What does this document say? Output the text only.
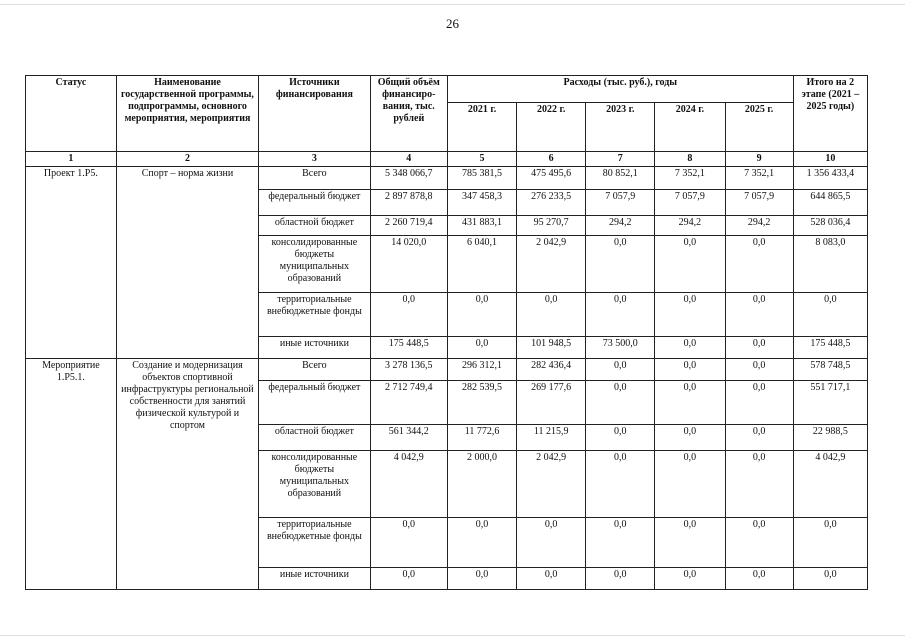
26
Статус	Наименование государственной программы, подпрограммы, основного мероприятия, мероприятия	Источники финансирования	Общий объём финансиро-вания, тыс. рублей	Расходы (тыс. руб.), годы					Итого на 2 этапе (2021 – 2025 годы)
				2021 г.	2022 г.	2023 г.	2024 г.	2025 г.	
1	2	3	4	5	6	7	8	9	10
Проект 1.Р5.	Спорт – норма жизни	Всего	5 348 066,7	785 381,5	475 495,6	80 852,1	7 352,1	7 352,1	1 356 433,4
		федеральный бюджет	2 897 878,8	347 458,3	276 233,5	7 057,9	7 057,9	7 057,9	644 865,5
		областной бюджет	2 260 719,4	431 883,1	95 270,7	294,2	294,2	294,2	528 036,4
		консолидированные бюджеты муниципальных образований	14 020,0	6 040,1	2 042,9	0,0	0,0	0,0	8 083,0
		территориальные внебюджетные фонды	0,0	0,0	0,0	0,0	0,0	0,0	0,0
		иные источники	175 448,5	0,0	101 948,5	73 500,0	0,0	0,0	175 448,5
Мероприятие 1.Р5.1.	Создание и модернизация объектов спортивной инфраструктуры региональной собственности для занятий физической культурой и спортом	Всего	3 278 136,5	296 312,1	282 436,4	0,0	0,0	0,0	578 748,5
		федеральный бюджет	2 712 749,4	282 539,5	269 177,6	0,0	0,0	0,0	551 717,1
		областной бюджет	561 344,2	11 772,6	11 215,9	0,0	0,0	0,0	22 988,5
		консолидированные бюджеты муниципальных образований	4 042,9	2 000,0	2 042,9	0,0	0,0	0,0	4 042,9
		территориальные внебюджетные фонды	0,0	0,0	0,0	0,0	0,0	0,0	0,0
		иные источники	0,0	0,0	0,0	0,0	0,0	0,0	0,0
